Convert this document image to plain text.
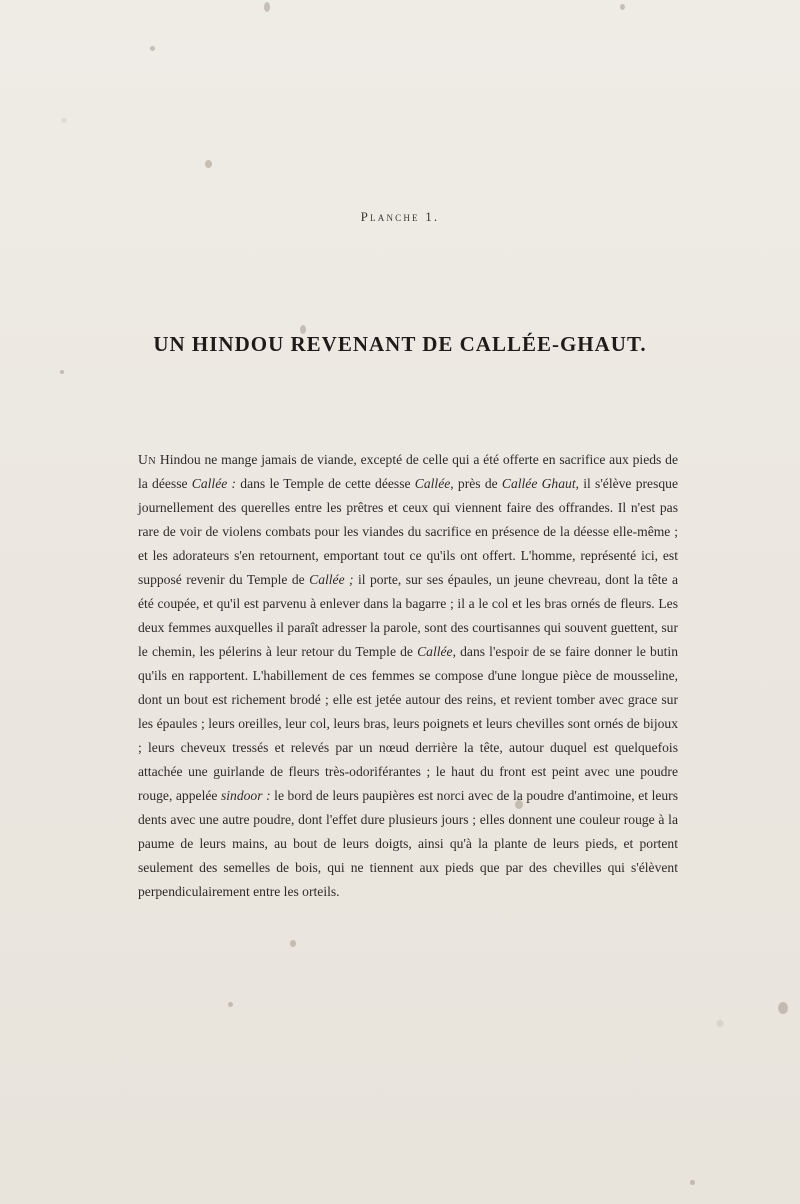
Planche 1.
UN HINDOU REVENANT DE CALLÉE-GHAUT.

Un Hindou ne mange jamais de viande, excepté de celle qui a été offerte en sacrifice aux pieds de la déesse Callée : dans le Temple de cette déesse Callée, près de Callée Ghaut, il s'élève presque journellement des querelles entre les prêtres et ceux qui viennent faire des offrandes. Il n'est pas rare de voir de violens combats pour les viandes du sacrifice en présence de la déesse elle-même ; et les adorateurs s'en retournent, emportant tout ce qu'ils ont offert. L'homme, représenté ici, est supposé revenir du Temple de Callée ; il porte, sur ses épaules, un jeune chevreau, dont la tête a été coupée, et qu'il est parvenu à enlever dans la bagarre ; il a le col et les bras ornés de fleurs. Les deux femmes auxquelles il paraît adresser la parole, sont des courtisannes qui souvent guettent, sur le chemin, les pélerins à leur retour du Temple de Callée, dans l'espoir de se faire donner le butin qu'ils en rapportent. L'habillement de ces femmes se compose d'une longue pièce de mousseline, dont un bout est richement brodé ; elle est jetée autour des reins, et revient tomber avec grace sur les épaules ; leurs oreilles, leur col, leurs bras, leurs poignets et leurs chevilles sont ornés de bijoux ; leurs cheveux tressés et relevés par un nœud derrière la tête, autour duquel est quelquefois attachée une guirlande de fleurs très-odoriférantes ; le haut du front est peint avec une poudre rouge, appelée sindoor : le bord de leurs paupières est norci avec de la poudre d'antimoine, et leurs dents avec une autre poudre, dont l'effet dure plusieurs jours ; elles donnent une couleur rouge à la paume de leurs mains, au bout de leurs doigts, ainsi qu'à la plante de leurs pieds, et portent seulement des semelles de bois, qui ne tiennent aux pieds que par des chevilles qui s'élèvent perpendiculairement entre les orteils.
